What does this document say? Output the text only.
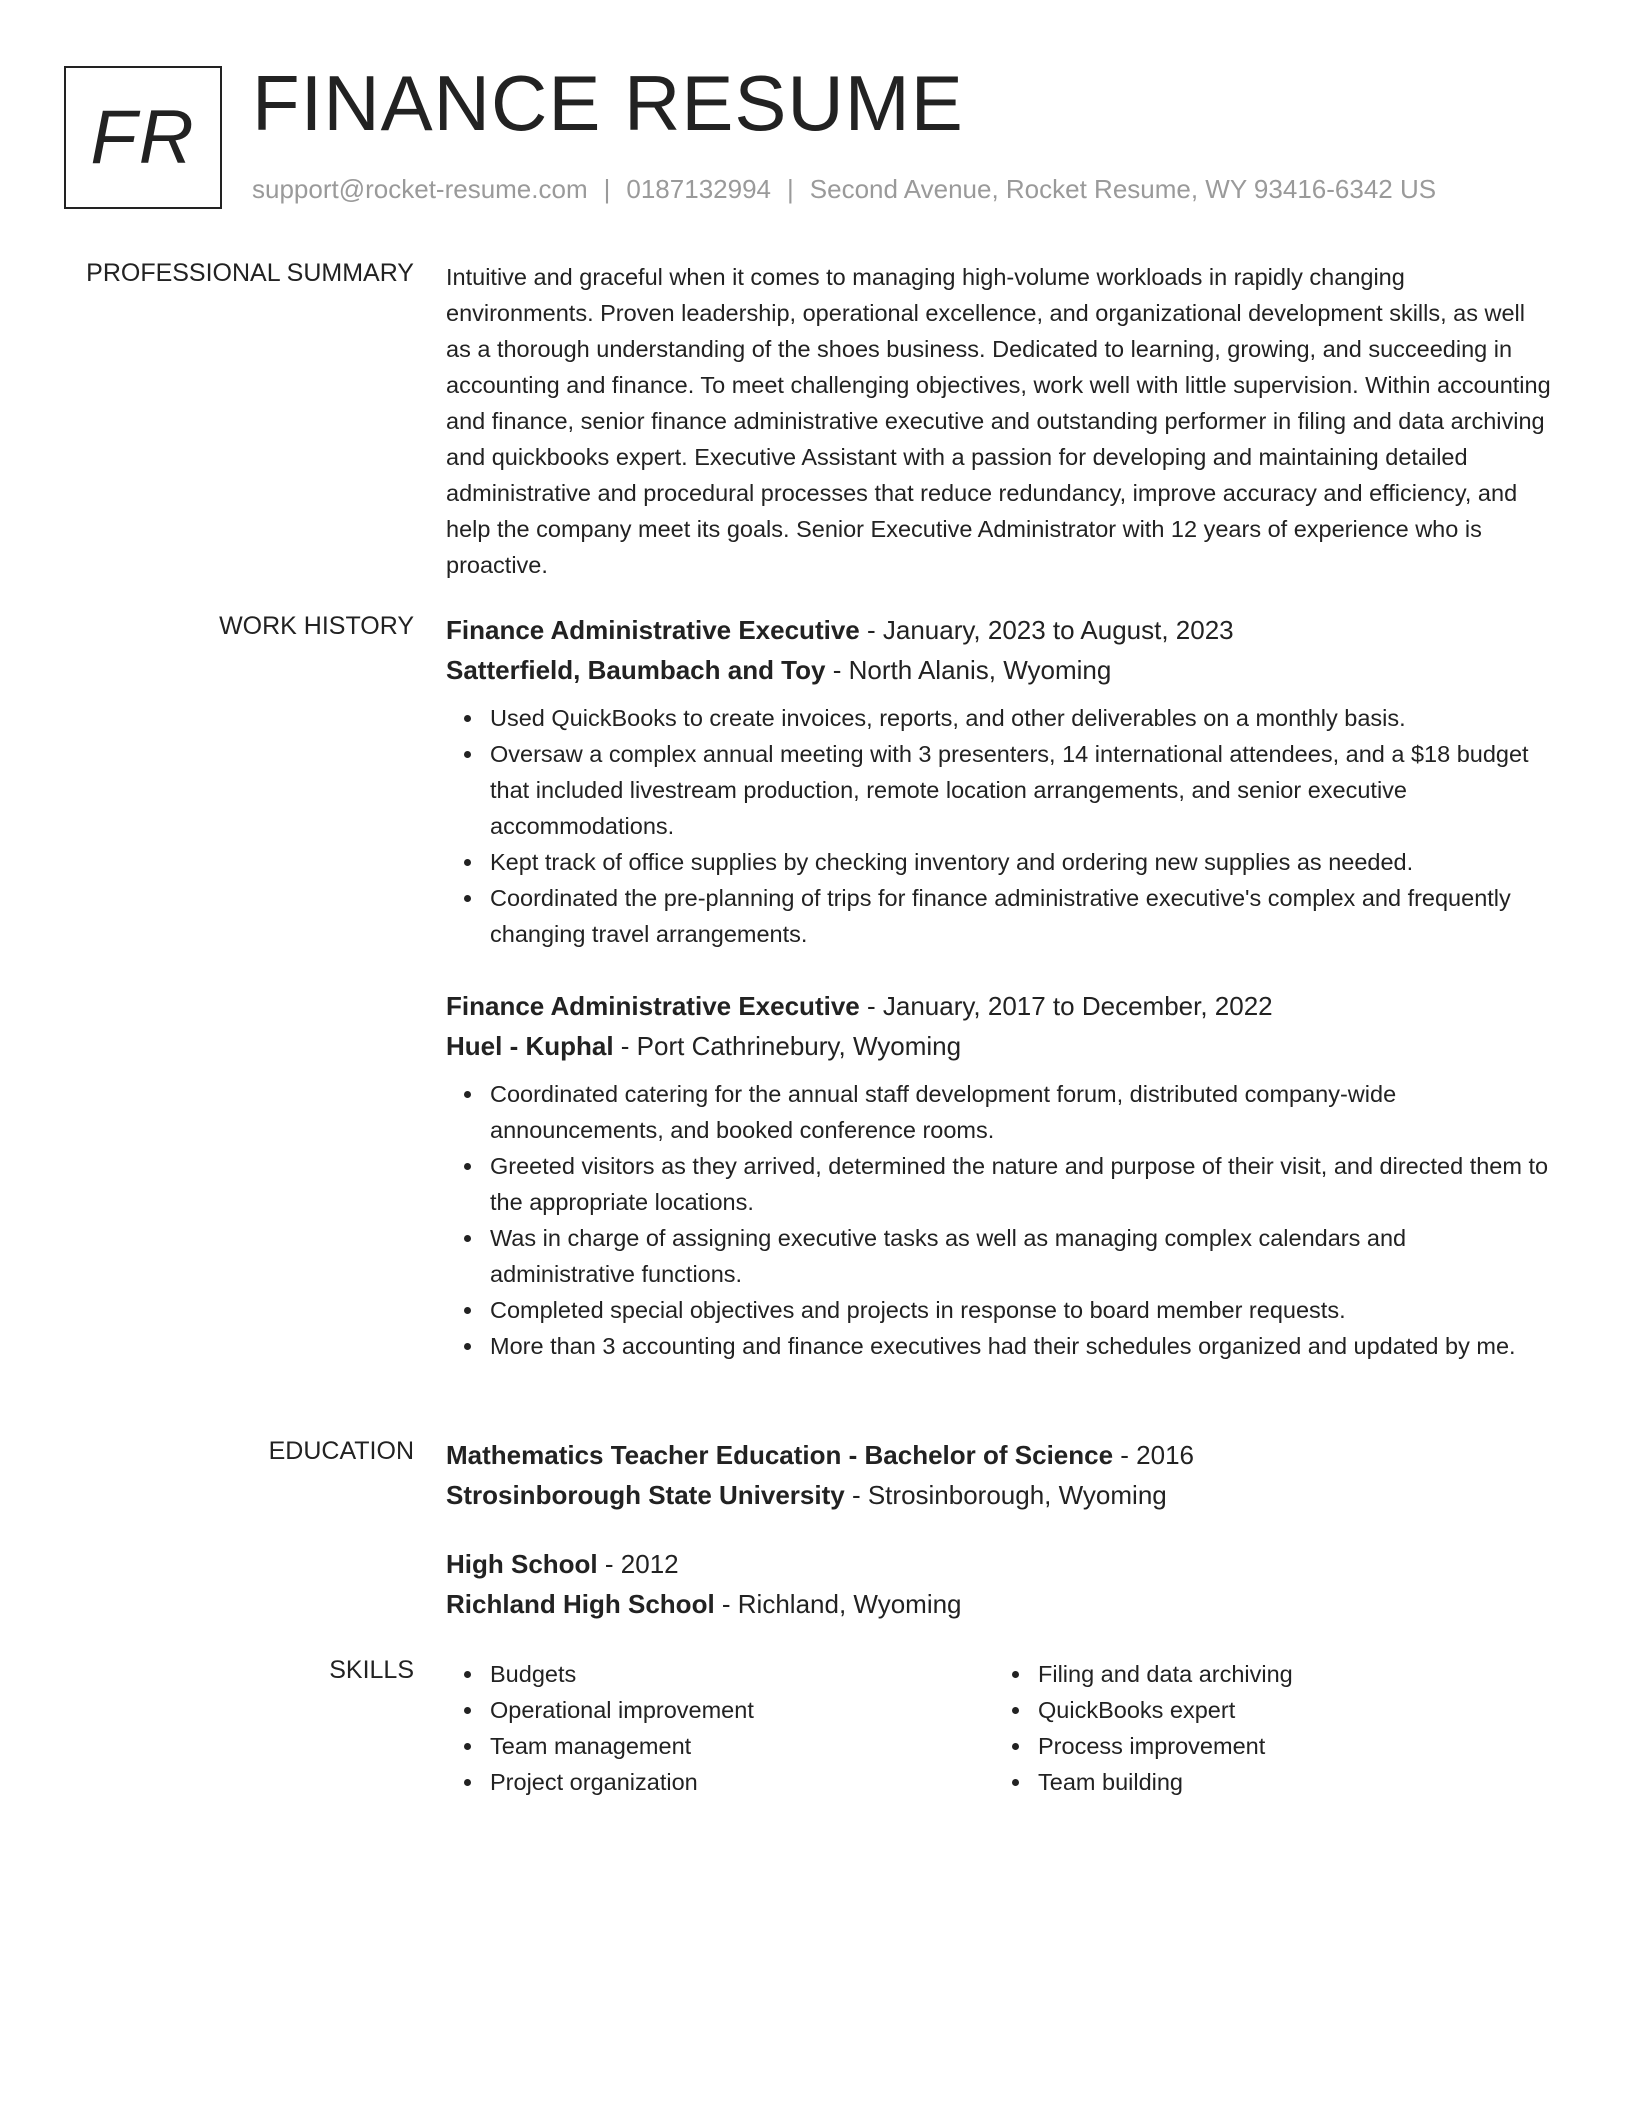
FR FINANCE RESUME
support@rocket-resume.com | 0187132994 | Second Avenue, Rocket Resume, WY 93416-6342 US
PROFESSIONAL SUMMARY Intuitive and graceful when it comes to managing high-volume workloads in rapidly changing environments. Proven leadership, operational excellence, and organizational development skills, as well as a thorough understanding of the shoes business. Dedicated to learning, growing, and succeeding in accounting and finance. To meet challenging objectives, work well with little supervision. Within accounting and finance, senior finance administrative executive and outstanding performer in filing and data archiving and quickbooks expert. Executive Assistant with a passion for developing and maintaining detailed administrative and procedural processes that reduce redundancy, improve accuracy and efficiency, and help the company meet its goals. Senior Executive Administrator with 12 years of experience who is proactive.

WORK HISTORY Finance Administrative Executive - January, 2023 to August, 2023
Satterfield, Baumbach and Toy - North Alanis, Wyoming
Used QuickBooks to create invoices, reports, and other deliverables on a monthly basis.
Oversaw a complex annual meeting with 3 presenters, 14 international attendees, and a $18 budget that included livestream production, remote location arrangements, and senior executive accommodations.
Kept track of office supplies by checking inventory and ordering new supplies as needed.
Coordinated the pre-planning of trips for finance administrative executive's complex and frequently changing travel arrangements.
Finance Administrative Executive - January, 2017 to December, 2022
Huel - Kuphal - Port Cathrinebury, Wyoming
Coordinated catering for the annual staff development forum, distributed company-wide announcements, and booked conference rooms.
Greeted visitors as they arrived, determined the nature and purpose of their visit, and directed them to the appropriate locations.
Was in charge of assigning executive tasks as well as managing complex calendars and administrative functions.
Completed special objectives and projects in response to board member requests.
More than 3 accounting and finance executives had their schedules organized and updated by me.
EDUCATION Mathematics Teacher Education - Bachelor of Science - 2016
Strosinborough State University - Strosinborough, Wyoming
High School - 2012
Richland High School - Richland, Wyoming
SKILLS	Budgets
Operational improvement
Team management
Project organization
Filing and data archiving
QuickBooks expert
Process improvement
Team building
